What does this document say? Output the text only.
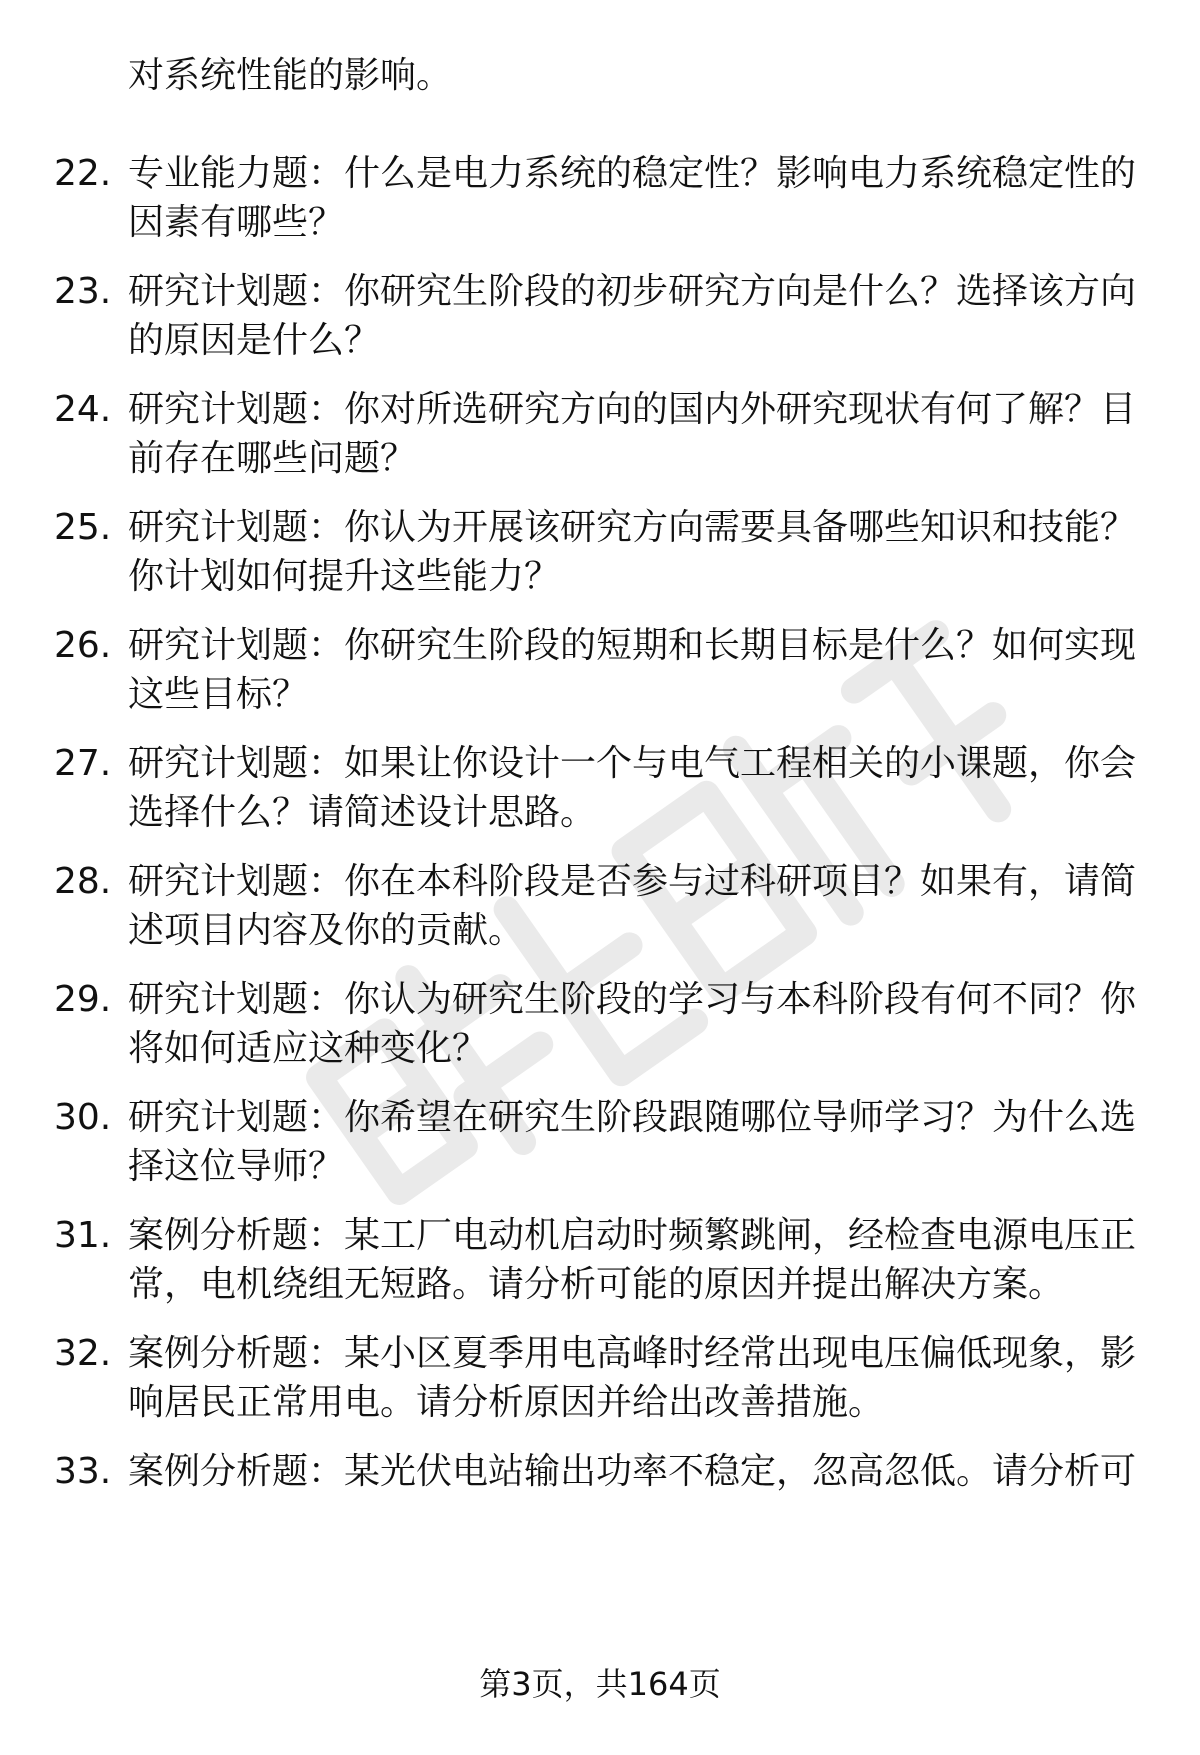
对系统性能的影响。
22. 专业能力题：什么是电力系统的稳定性？影响电力系统稳定性的
因素有哪些？
23. 研究计划题：你研究生阶段的初步研究方向是什么？选择该方向
的原因是什么？
24. 研究计划题：你对所选研究方向的国内外研究现状有何了解？目
前存在哪些问题？
25. 研究计划题：你认为开展该研究方向需要具备哪些知识和技能？
你计划如何提升这些能力？
26. 研究计划题：你研究生阶段的短期和长期目标是什么？如何实现
这些目标？
27. 研究计划题：如果让你设计一个与电气工程相关的小课题，你会
选择什么？请简述设计思路。
28. 研究计划题：你在本科阶段是否参与过科研项目？如果有，请简
述项目内容及你的贡献。
29. 研究计划题：你认为研究生阶段的学习与本科阶段有何不同？你
将如何适应这种变化？
30. 研究计划题：你希望在研究生阶段跟随哪位导师学习？为什么选
择这位导师？
31. 案例分析题：某工厂电动机启动时频繁跳闸，经检查电源电压正
常，电机绕组无短路。请分析可能的原因并提出解决方案。
32. 案例分析题：某小区夏季用电高峰时经常出现电压偏低现象，影
响居民正常用电。请分析原因并给出改善措施。
33. 案例分析题：某光伏电站输出功率不稳定，忽高忽低。请分析可
第3页，共164页
